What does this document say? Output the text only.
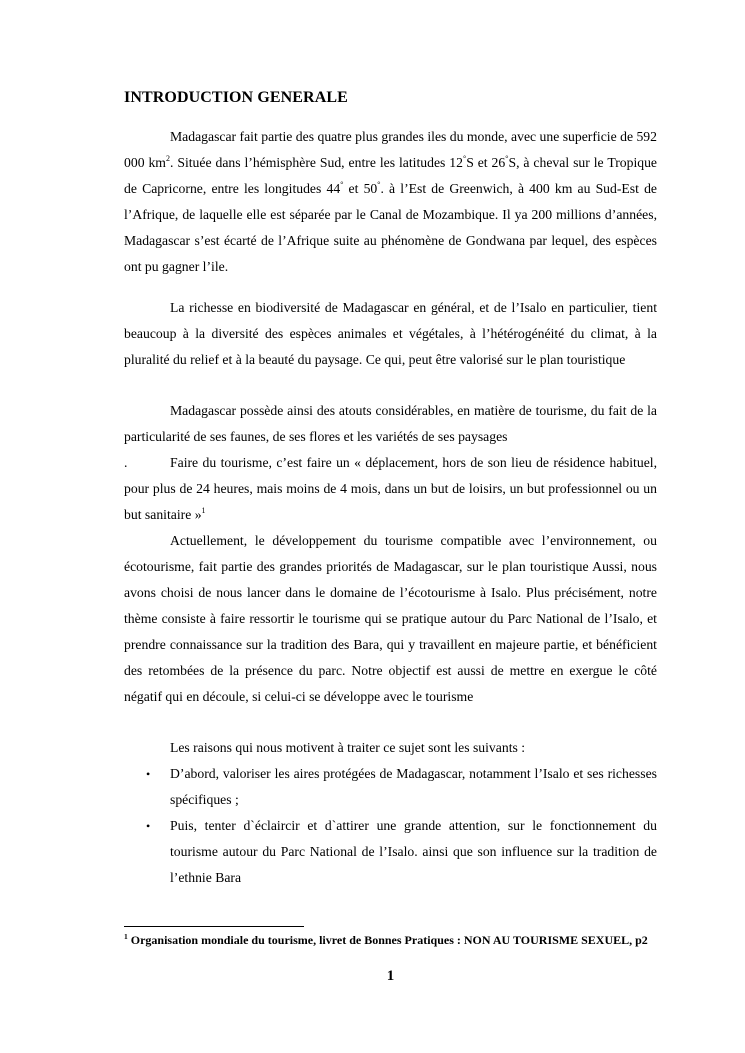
INTRODUCTION GENERALE
Madagascar fait partie des quatre plus grandes iles du monde, avec une superficie de 592 000 $km^2$. Située dans l’hémisphère Sud, entre les latitudes 12°S et 26°S, à cheval sur le Tropique de Capricorne, entre les longitudes 44° et 50°. à l’Est de Greenwich, à 400 km au Sud-Est de l’Afrique, de laquelle elle est séparée par le Canal de Mozambique. Il ya 200 millions d’années, Madagascar s’est écarté de l’Afrique suite au phénomène de Gondwana par lequel, des espèces ont pu gagner l’ile.
La richesse en biodiversité de Madagascar en général, et de l’Isalo en particulier, tient beaucoup à la diversité des espèces animales et végétales, à l’hétérogénéité du climat, à la pluralité du relief et à la beauté du paysage. Ce qui, peut être valorisé sur le plan touristique
Madagascar possède ainsi des atouts considérables, en matière de tourisme, du fait de la particularité de ses faunes, de ses flores et les variétés de ses paysages
.	Faire du tourisme, c’est faire un « déplacement, hors de son lieu de résidence habituel, pour plus de 24 heures, mais moins de 4 mois, dans un but de loisirs, un but professionnel ou un but sanitaire »$^1$
Actuellement, le développement du tourisme compatible avec l’environnement, ou écotourisme, fait partie des grandes priorités de Madagascar, sur le plan touristique Aussi, nous avons choisi de nous lancer dans le domaine de l’écotourisme à Isalo. Plus précisément, notre thème consiste à faire ressortir le tourisme qui se pratique autour du Parc National de l’Isalo, et prendre connaissance sur la tradition des Bara, qui y travaillent en majeure partie, et bénéficient des retombées de la présence du parc. Notre objectif est aussi de mettre en exergue le côté négatif qui en découle, si celui-ci se développe avec le tourisme
Les raisons qui nous motivent à traiter ce sujet sont les suivants :
• D’abord, valoriser les aires protégées de Madagascar, notamment l’Isalo et ses richesses spécifiques ;
• Puis, tenter d`éclaircir et d`attirer une grande attention, sur le fonctionnement du tourisme autour du Parc National de l’Isalo. ainsi que son influence sur la tradition de l’ethnie Bara
$^1$ Organisation mondiale du tourisme, livret de Bonnes Pratiques : NON AU TOURISME SEXUEL, p2
1
